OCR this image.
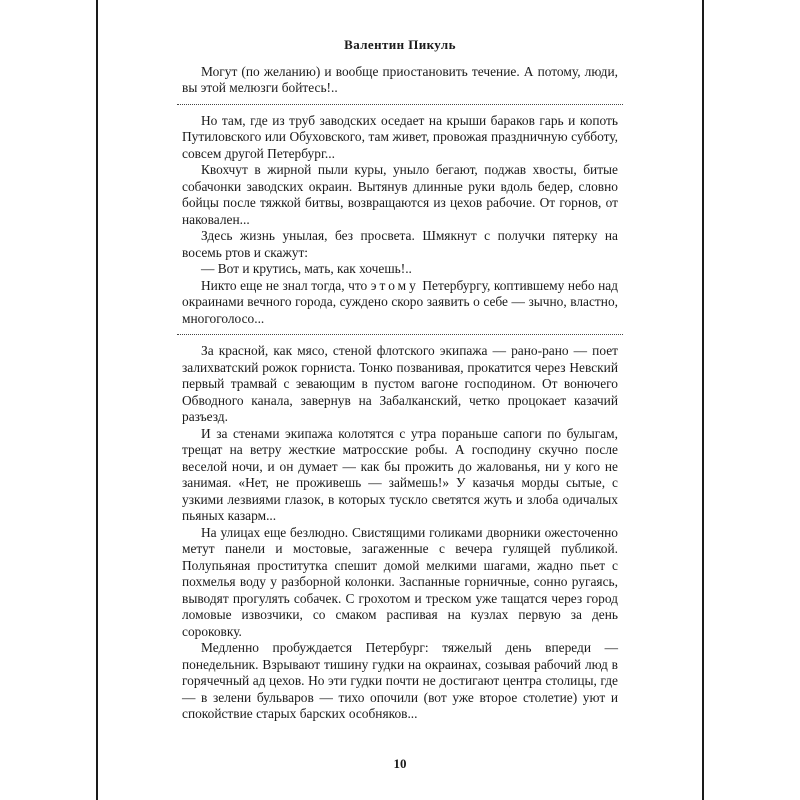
Валентин Пикуль

Могут (по желанию) и вообще приостановить течение. А потому, люди, вы этой мелюзги бойтесь!..

Но там, где из труб заводских оседает на крыши бараков гарь и копоть Путиловского или Обуховского, там живет, провожая праздничную субботу, совсем другой Петербург...

Квохчут в жирной пыли куры, уныло бегают, поджав хвосты, битые собачонки заводских окраин. Вытянув длинные руки вдоль бедер, словно бойцы после тяжкой битвы, возвращаются из цехов рабочие. От горнов, от наковален...

Здесь жизнь унылая, без просвета. Шмякнут с получки пятерку на восемь ртов и скажут:

— Вот и крутись, мать, как хочешь!..

Никто еще не знал тогда, что этому Петербургу, коптившему небо над окраинами вечного города, суждено скоро заявить о себе — зычно, властно, многоголосо...

За красной, как мясо, стеной флотского экипажа — рано-рано — поет залихватский рожок горниста. Тонко позванивая, прокатится через Невский первый трамвай с зевающим в пустом вагоне господином. От вонючего Обводного канала, завернув на Забалканский, четко процокает казачий разъезд.

И за стенами экипажа колотятся с утра пораньше сапоги по булыгам, трещат на ветру жесткие матросские робы. А господину скучно после веселой ночи, и он думает — как бы прожить до жалованья, ни у кого не занимая. «Нет, не проживешь — займешь!» У казачья морды сытые, с узкими лезвиями глазок, в которых тускло светятся жуть и злоба одичалых пьяных казарм...

На улицах еще безлюдно. Свистящими голиками дворники ожесточенно метут панели и мостовые, загаженные с вечера гулящей публикой. Полупьяная проститутка спешит домой мелкими шагами, жадно пьет с похмелья воду у разборной колонки. Заспанные горничные, сонно ругаясь, выводят прогулять собачек. С грохотом и треском уже тащатся через город ломовые извозчики, со смаком распивая на кузлах первую за день сороковку.

Медленно пробуждается Петербург: тяжелый день впереди — понедельник. Взрывают тишину гудки на окраинах, созывая рабочий люд в горячечный ад цехов. Но эти гудки почти не достигают центра столицы, где — в зелени бульваров — тихо опочили (вот уже второе столетие) уют и спокойствие старых барских особняков...

10
